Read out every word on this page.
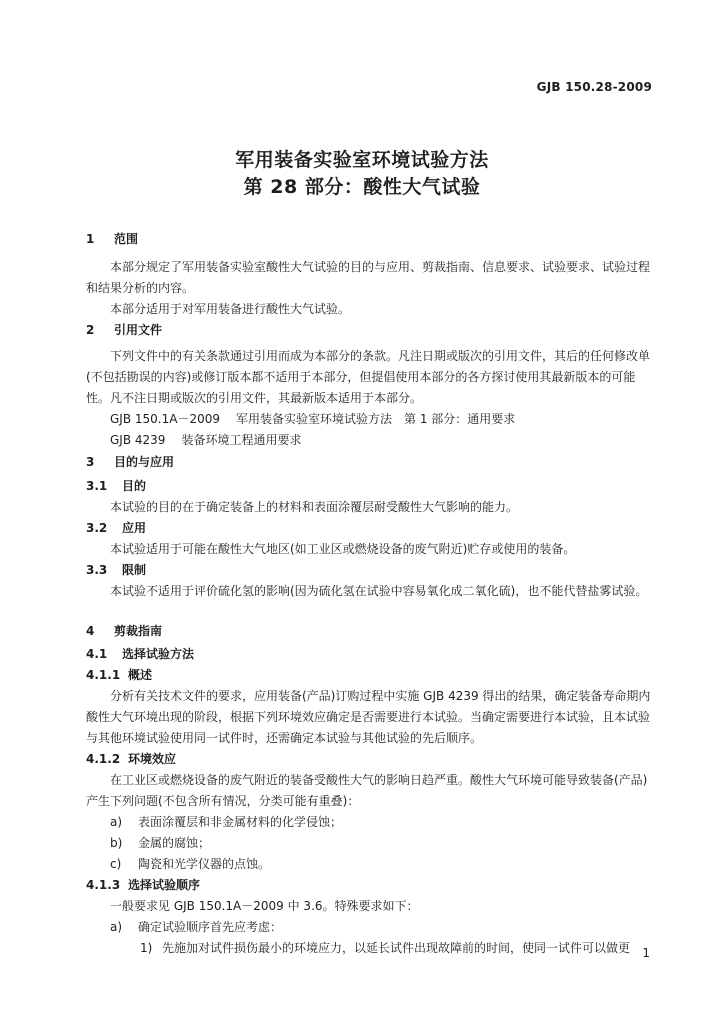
GJB 150.28-2009
军用装备实验室环境试验方法
第 28 部分：酸性大气试验
1 范围

本部分规定了军用装备实验室酸性大气试验的目的与应用、剪裁指南、信息要求、试验要求、试验过程和结果分析的内容。

本部分适用于对军用装备进行酸性大气试验。

2 引用文件

下列文件中的有关条款通过引用而成为本部分的条款。凡注日期或版次的引用文件，其后的任何修改单(不包括勘误的内容)或修订版本都不适用于本部分，但提倡使用本部分的各方探讨使用其最新版本的可能性。凡不注日期或版次的引用文件，其最新版本适用于本部分。

GJB 150.1A－2009 军用装备实验室环境试验方法　第 1 部分：通用要求

GJB 4239 装备环境工程通用要求

3 目的与应用
3.1 目的

本试验的目的在于确定装备上的材料和表面涂覆层耐受酸性大气影响的能力。

3.2 应用

本试验适用于可能在酸性大气地区(如工业区或燃烧设备的废气附近)贮存或使用的装备。

3.3 限制

本试验不适用于评价硫化氢的影响(因为硫化氢在试验中容易氧化成二氧化硫)，也不能代替盐雾试验。

4 剪裁指南
4.1 选择试验方法
4.1.1 概述

分析有关技术文件的要求，应用装备(产品)订购过程中实施 GJB 4239 得出的结果，确定装备寿命期内酸性大气环境出现的阶段，根据下列环境效应确定是否需要进行本试验。当确定需要进行本试验，且本试验与其他环境试验使用同一试件时，还需确定本试验与其他试验的先后顺序。

4.1.2 环境效应

在工业区或燃烧设备的废气附近的装备受酸性大气的影响日趋严重。酸性大气环境可能导致装备(产品)产生下列问题(不包含所有情况，分类可能有重叠)：

a) 表面涂覆层和非金属材料的化学侵蚀；

b) 金属的腐蚀；

c) 陶瓷和光学仪器的点蚀。

4.1.3 选择试验顺序

一般要求见 GJB 150.1A－2009 中 3.6。特殊要求如下：

a) 确定试验顺序首先应考虑：

1) 先施加对试件损伤最小的环境应力，以延长试件出现故障前的时间，使同一试件可以做更	1
